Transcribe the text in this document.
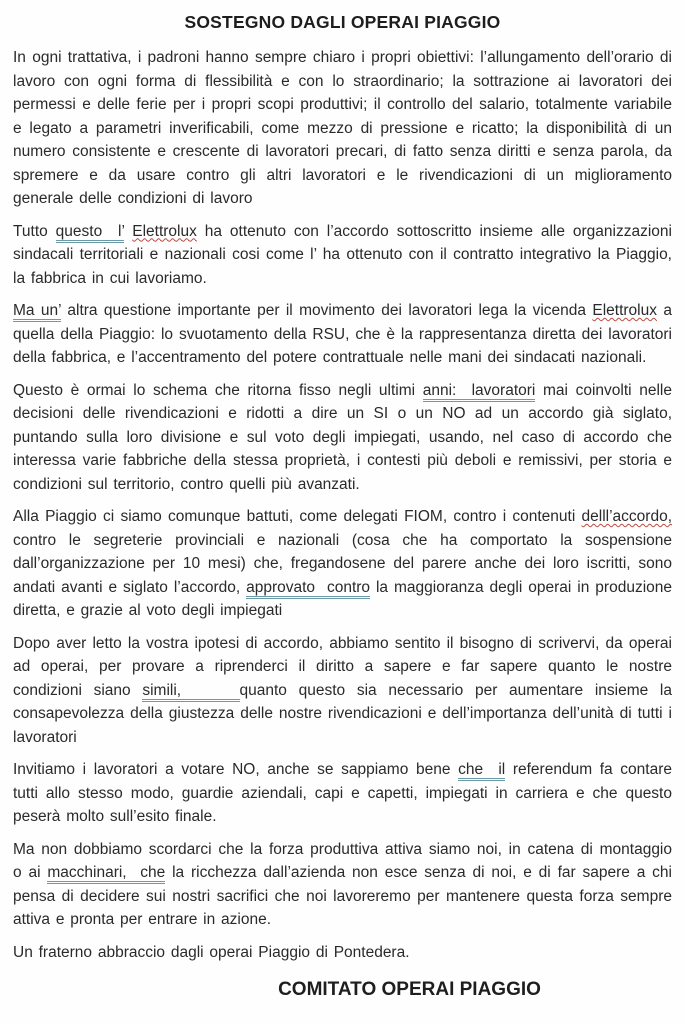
SOSTEGNO DAGLI OPERAI PIAGGIO

In ogni trattativa, i padroni hanno sempre chiaro i propri obiettivi: l’allungamento dell’orario di lavoro con ogni forma di flessibilità e con lo straordinario; la sottrazione ai lavoratori dei permessi e delle ferie per i propri scopi produttivi; il controllo del salario, totalmente variabile e legato a parametri inverificabili, come mezzo di pressione e ricatto; la disponibilità di un numero consistente e crescente di lavoratori precari, di fatto senza diritti e senza parola, da spremere e da usare contro gli altri lavoratori e le rivendicazioni di un miglioramento generale delle condizioni di lavoro

Tutto questo  l’ Elettrolux ha ottenuto con l’accordo sottoscritto insieme alle organizzazioni sindacali territoriali e nazionali cosi come l’ ha ottenuto con il contratto integrativo la Piaggio, la fabbrica in cui lavoriamo.

Ma un’ altra questione importante per il movimento dei lavoratori lega la vicenda Elettrolux a quella della Piaggio: lo svuotamento della RSU, che è la rappresentanza diretta dei lavoratori della fabbrica, e l’accentramento del potere contrattuale nelle mani dei sindacati nazionali.

Questo è ormai lo schema che ritorna fisso negli ultimi anni:  lavoratori mai coinvolti nelle decisioni delle rivendicazioni e ridotti a dire un SI o un NO ad un accordo già siglato, puntando sulla loro divisione e sul voto degli impiegati, usando, nel caso di accordo che interessa varie fabbriche della stessa proprietà, i contesti più deboli e remissivi, per storia e condizioni sul territorio, contro quelli più avanzati.

Alla Piaggio ci siamo comunque battuti, come delegati FIOM, contro i contenuti delll’accordo, contro le segreterie provinciali e nazionali (cosa che ha comportato la sospensione dall’organizzazione per 10 mesi) che, fregandosene del parere anche dei loro iscritti, sono andati avanti e siglato l’accordo, approvato  contro la maggioranza degli operai in produzione diretta, e grazie al voto degli impiegati

Dopo aver letto la vostra ipotesi di accordo, abbiamo sentito il bisogno di scrivervi, da operai ad operai, per provare a riprenderci il diritto a sapere e far sapere quanto le nostre condizioni siano simili,     quanto questo sia necessario per aumentare insieme la consapevolezza della giustezza delle nostre rivendicazioni e dell’importanza dell’unità di tutti i lavoratori

Invitiamo i lavoratori a votare NO, anche se sappiamo bene che  il referendum fa contare tutti allo stesso modo, guardie aziendali, capi e capetti, impiegati in carriera e che questo peserà molto sull’esito finale.

Ma non dobbiamo scordarci che la forza produttiva attiva siamo noi, in catena di montaggio o ai macchinari,  che la ricchezza dall’azienda non esce senza di noi, e di far sapere a chi pensa di decidere sui nostri sacrifici che noi lavoreremo per mantenere questa forza sempre attiva e pronta per entrare in azione.

Un fraterno abbraccio dagli operai Piaggio di Pontedera.

COMITATO OPERAI PIAGGIO
